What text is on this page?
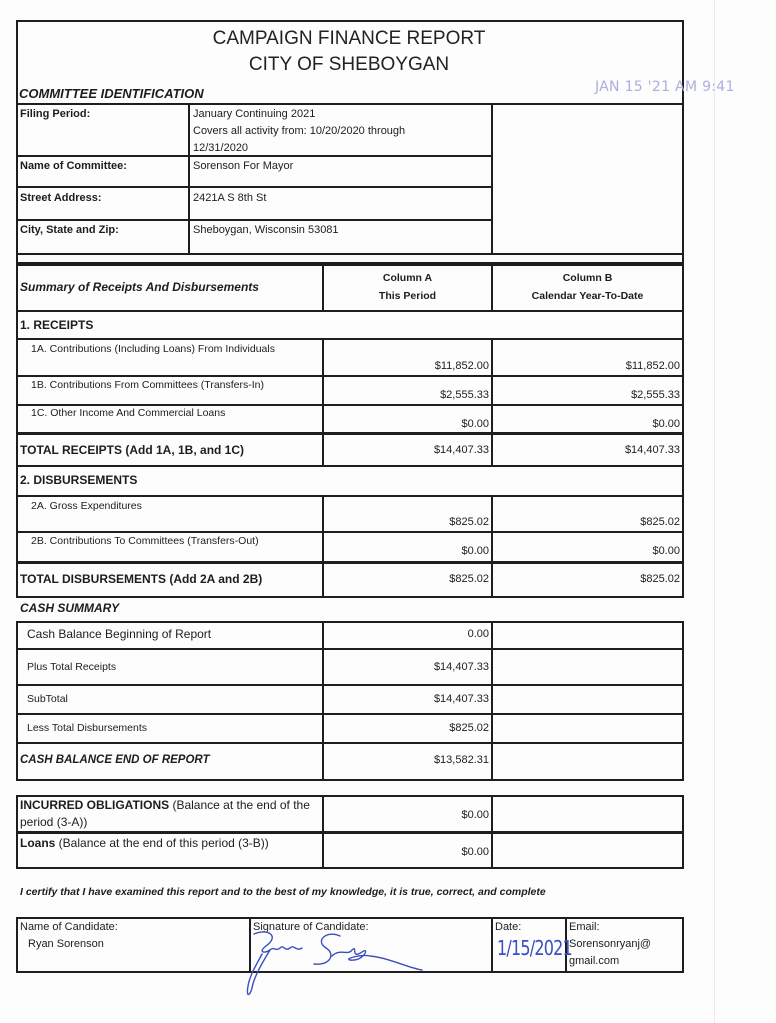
CAMPAIGN FINANCE REPORT
CITY OF SHEBOYGAN
COMMITTEE IDENTIFICATION	JAN 15 '21 AM 9:41
Filing Period:	January Continuing 2021
Covers all activity from: 10/20/2020 through
12/31/2020
Name of Committee:	Sorenson For Mayor
Street Address:	2421A S 8th St
City, State and Zip:	Sheboygan, Wisconsin 53081
Summary of Receipts And Disbursements
Column A
This Period
Column B
Calendar Year-To-Date
1. RECEIPTS
1A. Contributions (Including Loans) From Individuals
$11,852.00	$11,852.00
1B. Contributions From Committees (Transfers-In)
$2,555.33	$2,555.33
1C. Other Income And Commercial Loans
$0.00	$0.00
TOTAL RECEIPTS (Add 1A, 1B, and 1C)	$14,407.33	$14,407.33
2. DISBURSEMENTS
2A. Gross Expenditures
$825.02	$825.02
2B. Contributions To Committees (Transfers-Out)
$0.00	$0.00
TOTAL DISBURSEMENTS (Add 2A and 2B)	$825.02	$825.02
CASH SUMMARY
Cash Balance Beginning of Report	0.00
Plus Total Receipts	$14,407.33
SubTotal	$14,407.33
Less Total Disbursements	$825.02
CASH BALANCE END OF REPORT	$13,582.31
INCURRED OBLIGATIONS (Balance at the end of the
period (3-A))	$0.00
Loans (Balance at the end of this period (3-B))
$0.00
I certify that I have examined this report and to the best of my knowledge, it is true, correct, and complete
Name of Candidate:
Ryan Sorenson
Signature of Candidate:	Date:
1/15/2021
Email:
Sorensonryanj@
gmail.com
